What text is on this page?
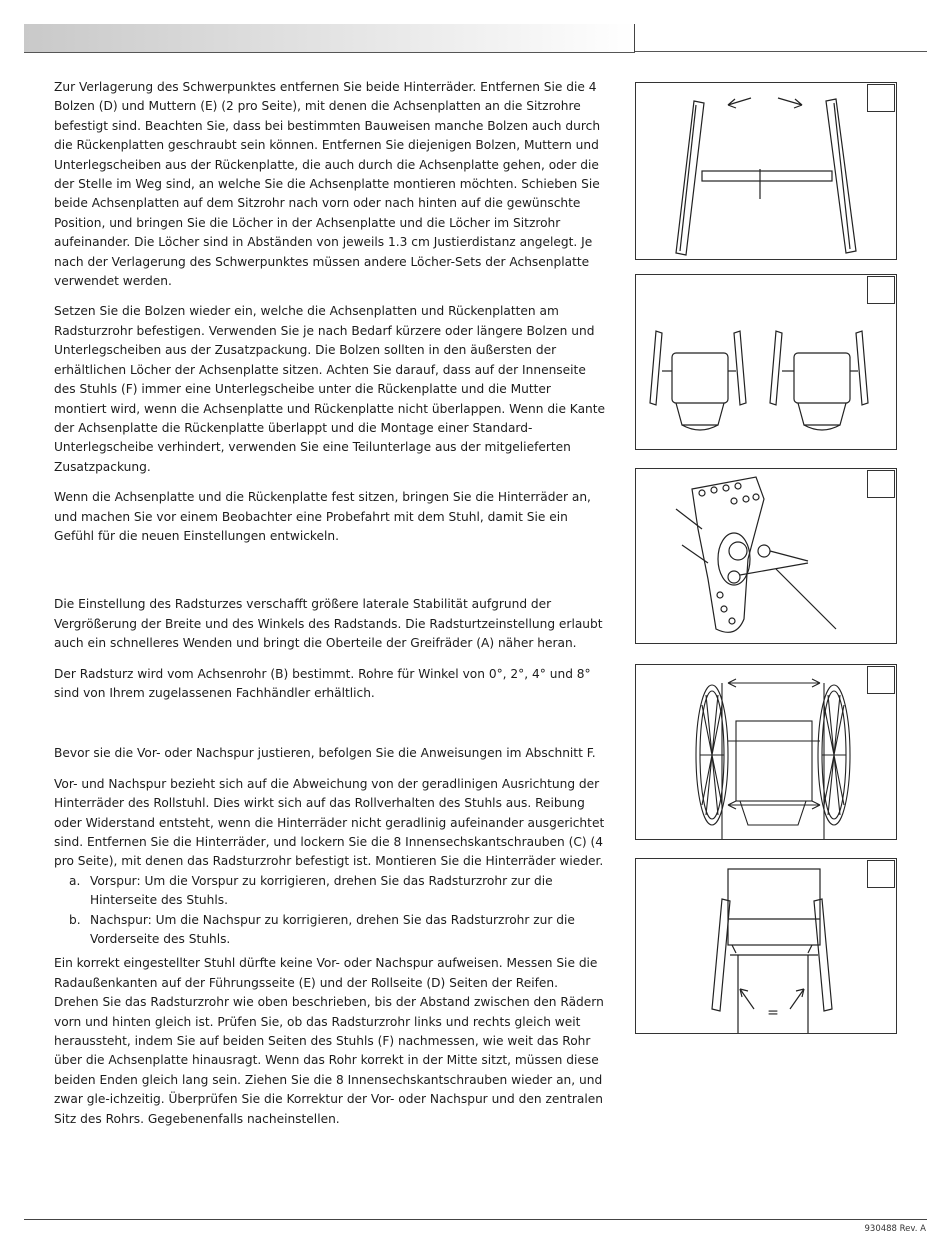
Zur Verlagerung des Schwerpunktes entfernen Sie beide Hinterräder. Entfernen Sie die 4 Bolzen (D) und Muttern (E) (2 pro Seite), mit denen die Achsenplatten an die Sitzrohre befestigt sind. Beachten Sie, dass bei bestimmten Bauweisen manche Bolzen auch durch die Rückenplatten geschraubt sein können. Entfernen Sie diejenigen Bolzen, Muttern und Unterlegscheiben aus der Rückenplatte, die auch durch die Achsenplatte gehen, oder die der Stelle im Weg sind, an welche Sie die Achsenplatte montieren möchten. Schieben Sie beide Achsenplatten auf dem Sitzrohr nach vorn oder nach hinten auf die gewünschte Position, und bringen Sie die Löcher in der Achsenplatte und die Löcher im Sitzrohr aufeinander. Die Löcher sind in Abständen von jeweils 1.3 cm Justierdistanz angelegt. Je nach der Verlagerung des Schwerpunktes müssen andere Löcher-Sets der Achsenplatte verwendet werden.

Setzen Sie die Bolzen wieder ein, welche die Achsenplatten und Rückenplatten am Radsturzrohr befestigen. Verwenden Sie je nach Bedarf kürzere oder längere Bolzen und Unterlegscheiben aus der Zusatzpackung. Die Bolzen sollten in den äußersten der erhältlichen Löcher der Achsenplatte sitzen. Achten Sie darauf, dass auf der Innenseite des Stuhls (F) immer eine Unterlegscheibe unter die Rückenplatte und die Mutter montiert wird, wenn die Achsenplatte und Rückenplatte nicht überlappen. Wenn die Kante der Achsenplatte die Rückenplatte überlappt und die Montage einer Standard-Unterlegscheibe verhindert, verwenden Sie eine Teilunterlage aus der mitgelieferten Zusatzpackung.

Wenn die Achsenplatte und die Rückenplatte fest sitzen, bringen Sie die Hinterräder an, und machen Sie vor einem Beobachter eine Probefahrt mit dem Stuhl, damit Sie ein Gefühl für die neuen Einstellungen entwickeln.

Die Einstellung des Radsturzes verschafft größere laterale Stabilität aufgrund der Vergrößerung der Breite und des Winkels des Radstands. Die Radsturtzeinstellung erlaubt auch ein schnelleres Wenden und bringt die Oberteile der Greifräder (A) näher heran.

Der Radsturz wird vom Achsenrohr (B) bestimmt. Rohre für Winkel von 0°, 2°, 4° und 8° sind von Ihrem zugelassenen Fachhändler erhältlich.

Bevor sie die Vor- oder Nachspur justieren, befolgen Sie die Anweisungen im Abschnitt F.

Vor- und Nachspur bezieht sich auf die Abweichung von der geradlinigen Ausrichtung der Hinterräder des Rollstuhl. Dies wirkt sich auf das Rollverhalten des Stuhls aus. Reibung oder Widerstand entsteht, wenn die Hinterräder nicht geradlinig aufeinander ausgerichtet sind. Entfernen Sie die Hinterräder, und lockern Sie die 8 Innensechskantschrauben (C) (4 pro Seite), mit denen das Radsturzrohr befestigt ist. Montieren Sie die Hinterräder wieder.

a. Vorspur: Um die Vorspur zu korrigieren, drehen Sie das Radsturzrohr zur die Hinterseite des Stuhls.
b. Nachspur: Um die Nachspur zu korrigieren, drehen Sie das Radsturzrohr zur die Vorderseite des Stuhls.

Ein korrekt eingestellter Stuhl dürfte keine Vor- oder Nachspur aufweisen. Messen Sie die Radaußenkanten auf der Führungsseite (E) und der Rollseite (D) Seiten der Reifen. Drehen Sie das Radsturzrohr wie oben beschrieben, bis der Abstand zwischen den Rädern vorn und hinten gleich ist. Prüfen Sie, ob das Radsturzrohr links und rechts gleich weit heraussteht, indem Sie auf beiden Seiten des Stuhls (F) nachmessen, wie weit das Rohr über die Achsenplatte hinausragt. Wenn das Rohr korrekt in der Mitte sitzt, müssen diese beiden Enden gleich lang sein. Ziehen Sie die 8 Innensechskantschrauben wieder an, und zwar gle-ichzeitig. Überprüfen Sie die Korrektur der Vor- oder Nachspur und den zentralen Sitz des Rohrs. Gegebenenfalls nacheinstellen.

=
930488 Rev. A
